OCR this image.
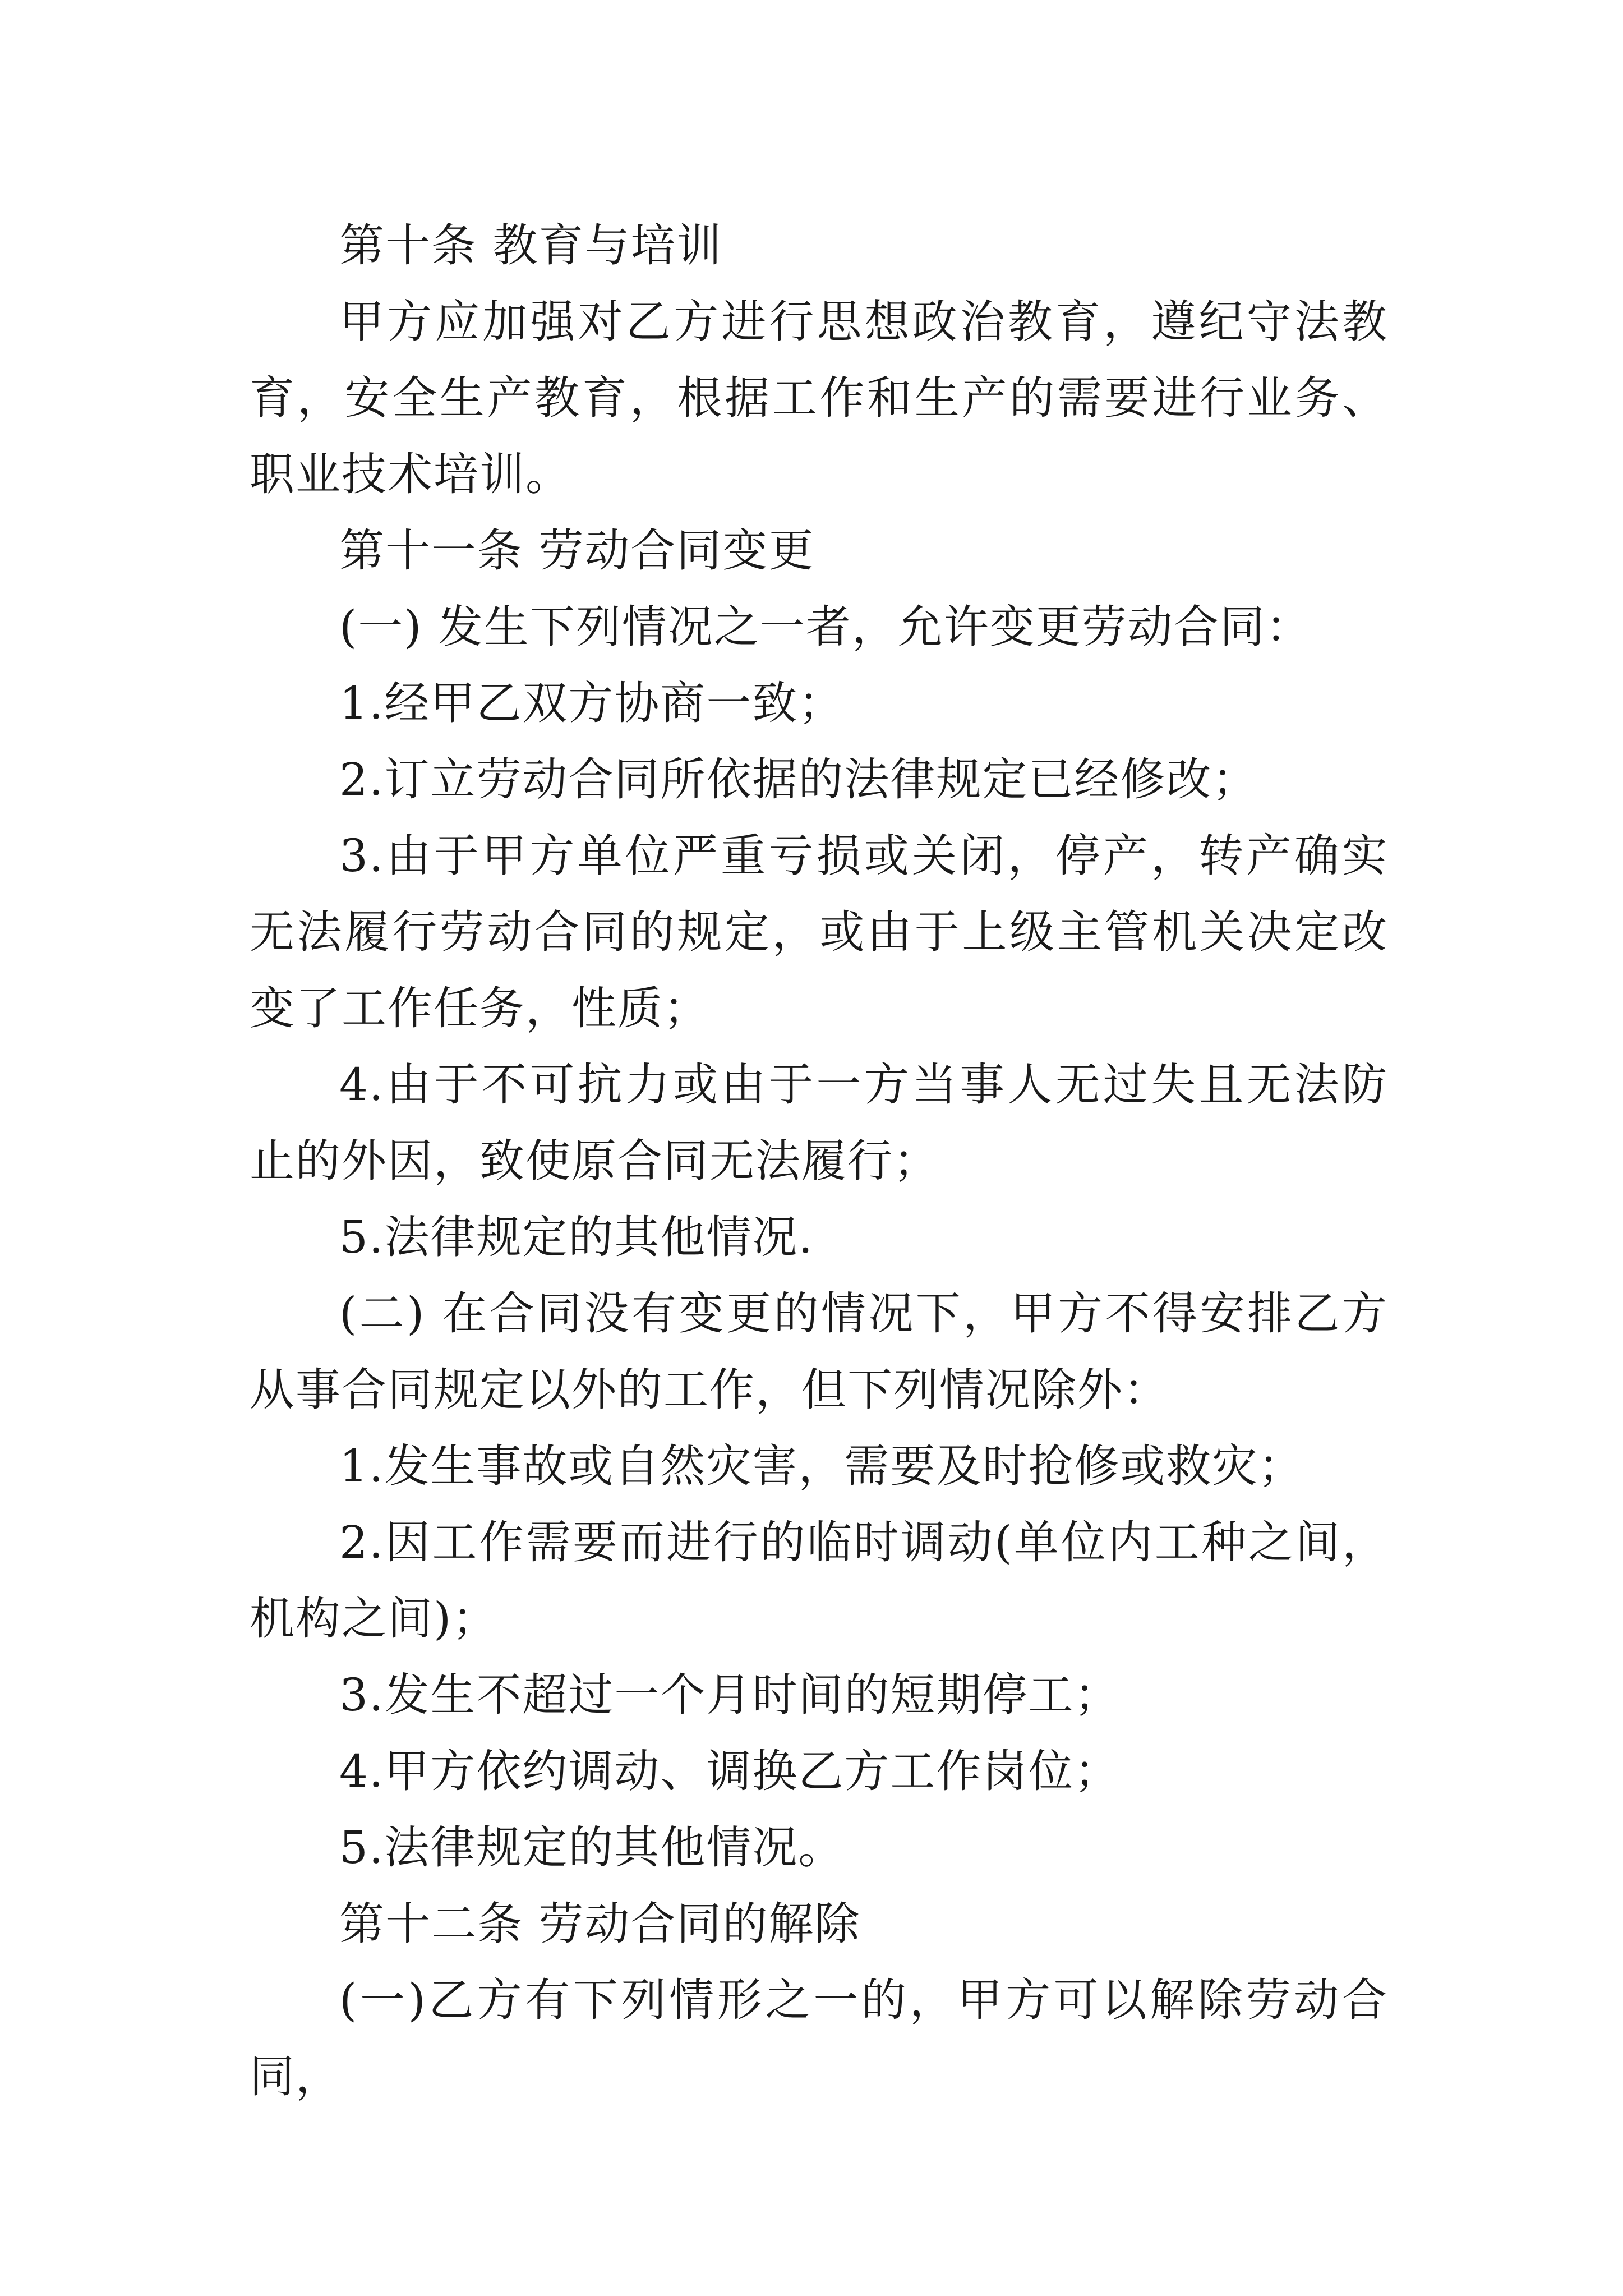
第十条 教育与培训

甲方应加强对乙方进行思想政治教育，遵纪守法教育，安全生产教育，根据工作和生产的需要进行业务、职业技术培训。

第十一条 劳动合同变更

(一) 发生下列情况之一者，允许变更劳动合同：

1.经甲乙双方协商一致；

2.订立劳动合同所依据的法律规定已经修改；

3.由于甲方单位严重亏损或关闭，停产，转产确实无法履行劳动合同的规定，或由于上级主管机关决定改变了工作任务，性质；

4.由于不可抗力或由于一方当事人无过失且无法防止的外因，致使原合同无法履行；

5.法律规定的其他情况.

(二) 在合同没有变更的情况下，甲方不得安排乙方从事合同规定以外的工作，但下列情况除外：

1.发生事故或自然灾害，需要及时抢修或救灾；

2.因工作需要而进行的临时调动(单位内工种之间，机构之间)；

3.发生不超过一个月时间的短期停工；

4.甲方依约调动、调换乙方工作岗位；

5.法律规定的其他情况。

第十二条 劳动合同的解除

(一)乙方有下列情形之一的，甲方可以解除劳动合同，
